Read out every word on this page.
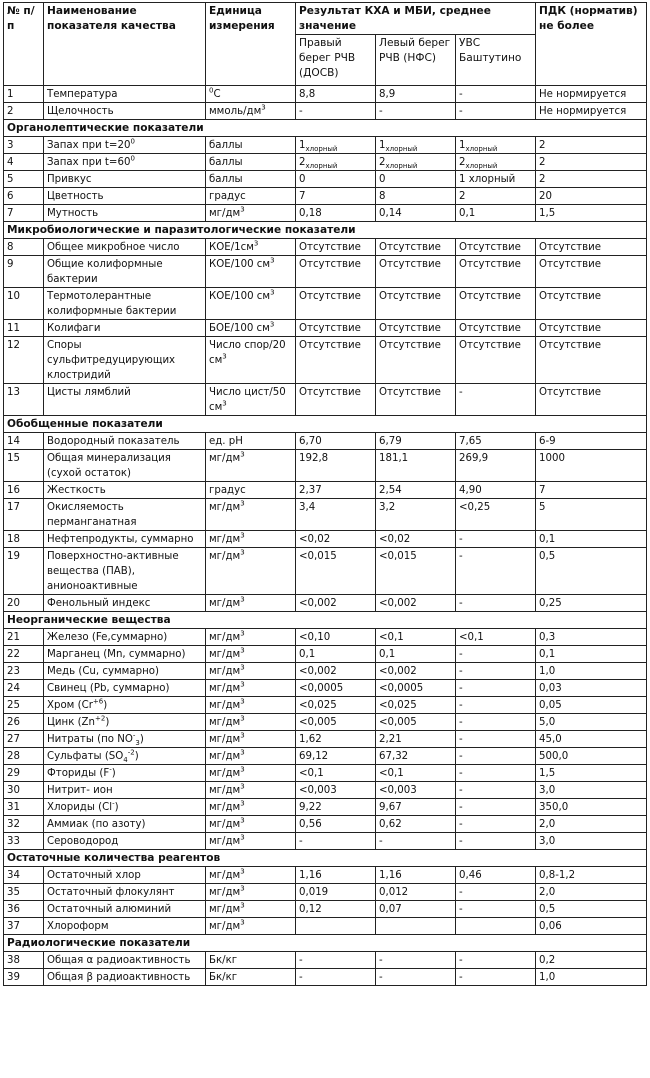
№ п/п	Наименование показателя качества	Единица измерения	Результат КХА и МБИ, среднее значение			ПДК (норматив) не более
			Правый берег РЧВ (ДОСВ)	Левый берег РЧВ (НФС)	УВС Баштутино	
1	Температура	$^0$С	8,8	8,9	-	Не нормируется
2	Щелочность	ммоль/$дм^3$	-	-	-	Не нормируется
Органолептические показатели						
3	Запах при $t=20^0$	баллы	$1_{хлорный}$	$1_{хлорный}$	$1_{хлорный}$	2
4	Запах при $t=60^0$	баллы	$2_{хлорный}$	$2_{хлорный}$	$2_{хлорный}$	2
5	Привкус	баллы	0	0	1 хлорный	2
6	Цветность	градус	7	8	2	20
7	Мутность	$мг/дм^3$	0,18	0,14	0,1	1,5
Микробиологические и паразитологические показатели						
8	Общее микробное число	КОЕ/$1см^3$	Отсутствие	Отсутствие	Отсутствие	Отсутствие
9	Общие колиформные бактерии	КОЕ/100 $см^3$	Отсутствие	Отсутствие	Отсутствие	Отсутствие
10	Термотолерантные колиформные бактерии	КОЕ/100 $см^3$	Отсутствие	Отсутствие	Отсутствие	Отсутствие
11	Колифаги	БОЕ/100 $см^3$	Отсутствие	Отсутствие	Отсутствие	Отсутствие
12	Споры сульфитредуцирующих клостридий	Число спор/20 $см^3$	Отсутствие	Отсутствие	Отсутствие	Отсутствие
13	Цисты лямблий	Число цист/50 $см^3$	Отсутствие	Отсутствие	-	Отсутствие
Обобщенные показатели						
14	Водородный показатель	ед. pH	6,70	6,79	7,65	6-9
15	Общая минерализация (сухой остаток)	$мг/дм^3$	192,8	181,1	269,9	1000
16	Жесткость	градус	2,37	2,54	4,90	7
17	Окисляемость перманганатная	$мг/дм^3$	3,4	3,2	<0,25	5
18	Нефтепродукты, суммарно	$мг/дм^3$	<0,02	<0,02	-	0,1
19	Поверхностно-активные вещества (ПАВ), анионоактивные	$мг/дм^3$	<0,015	<0,015	-	0,5
20	Фенольный индекс	$мг/дм^3$	<0,002	<0,002	-	0,25
Неорганические вещества						
21	Железо (Fe,суммарно)	$мг/дм^3$	<0,10	<0,1	<0,1	0,3
22	Марганец (Mn, суммарно)	$мг/дм^3$	0,1	0,1	-	0,1
23	Медь (Cu, суммарно)	$мг/дм^3$	<0,002	<0,002	-	1,0
24	Свинец (Pb, суммарно)	$мг/дм^3$	<0,0005	<0,0005	-	0,03
25	Хром $(Cr^{+6})$	$мг/дм^3$	<0,025	<0,025	-	0,05
26	Цинк $(Zn^{+2})$	$мг/дм^3$	<0,005	<0,005	-	5,0
27	Нитраты (по $NO^-_3$)	$мг/дм^3$	1,62	2,21	-	45,0
28	Сульфаты $(SO_4^{-2})$	$мг/дм^3$	69,12	67,32	-	500,0
29	Фториды (F-)	$мг/дм^3$	<0,1	<0,1	-	1,5
30	Нитрит- ион	$мг/дм^3$	<0,003	<0,003	-	3,0
31	Хлориды (Cl-)	$мг/дм^3$	9,22	9,67	-	350,0
32	Аммиак (по азоту)	$мг/дм^3$	0,56	0,62	-	2,0
33	Сероводород	$мг/дм^3$	-	-	-	3,0
Остаточные количества реагентов						
34	Остаточный хлор	$мг/дм^3$	1,16	1,16	0,46	0,8-1,2
35	Остаточный флокулянт	$мг/дм^3$	0,019	0,012	-	2,0
36	Остаточный алюминий	$мг/дм^3$	0,12	0,07	-	0,5
37	Хлороформ	$мг/дм^3$				0,06
Радиологические показатели						
38	Общая α радиоактивность	Бк/кг	-	-	-	0,2
39	Общая β радиоактивность	Бк/кг	-	-	-	1,0
